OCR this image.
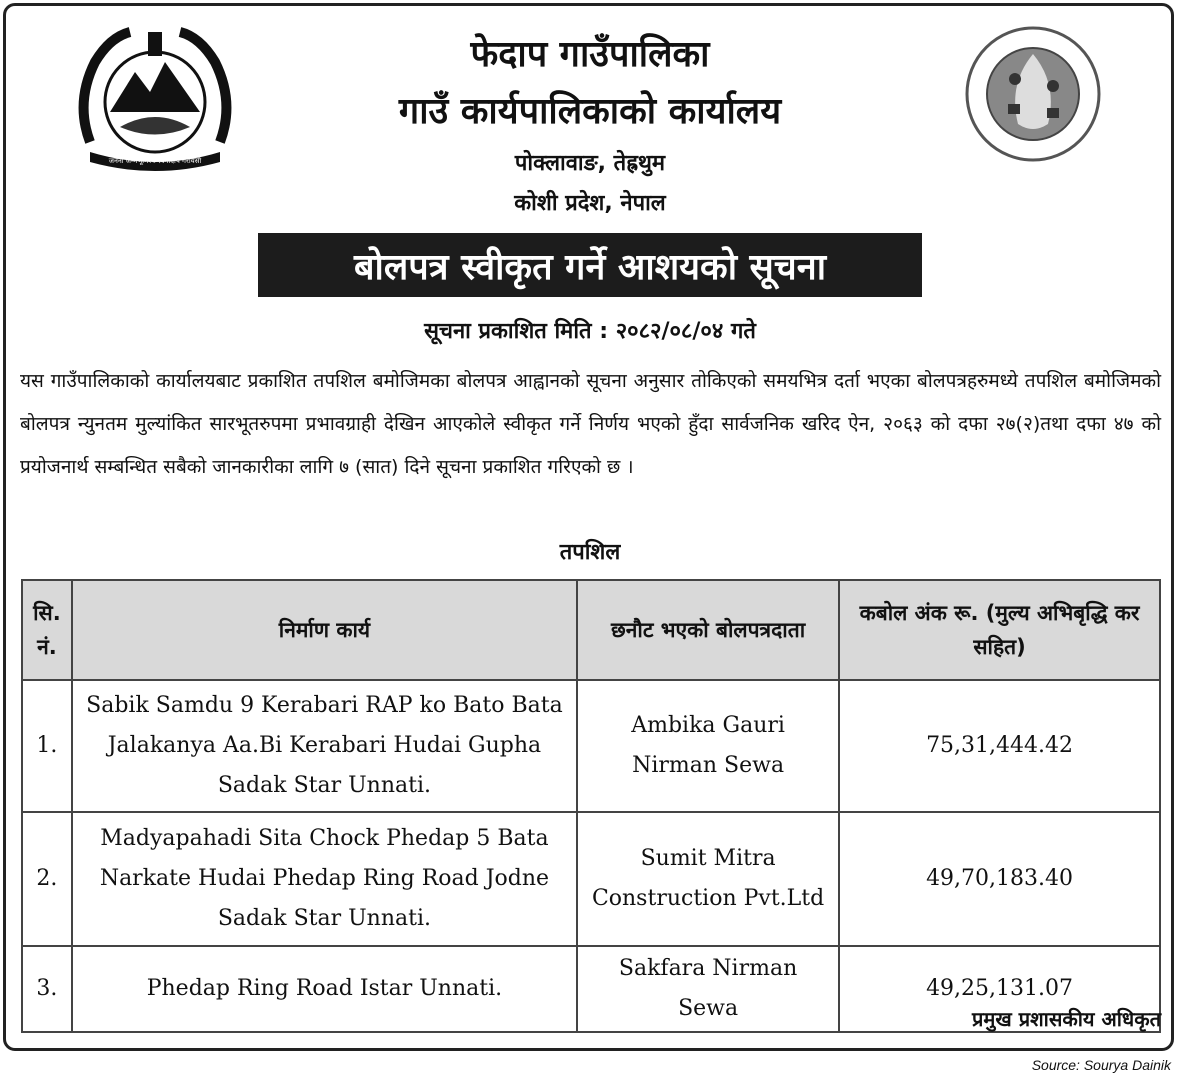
जननी जन्मभूमिश्च स्वर्गादपि गरीयसी
फेदाप गाउँपालिका
गाउँ कार्यपालिकाको कार्यालय
पोक्लावाङ, तेह्रथुम
कोशी प्रदेश, नेपाल
बोलपत्र स्वीकृत गर्ने आशयको सूचना
सूचना प्रकाशित मिति : २०८२/०८/०४ गते
यस गाउँपालिकाको कार्यालयबाट प्रकाशित तपशिल बमोजिमका बोलपत्र आह्वानको सूचना अनुसार तोकिएको समयभित्र दर्ता भएका बोलपत्रहरुमध्ये तपशिल बमोजिमको बोलपत्र न्युनतम मुल्यांकित सारभूतरुपमा प्रभावग्राही देखिन आएकोले स्वीकृत गर्ने निर्णय भएको हुँदा सार्वजनिक खरिद ऐन, २०६३ को दफा २७(२)तथा दफा ४७ को प्रयोजनार्थ सम्बन्धित सबैको जानकारीका लागि ७ (सात) दिने सूचना प्रकाशित गरिएको छ ।
तपशिल
सि. नं.	निर्माण कार्य	छनौट भएको बोलपत्रदाता	कबोल अंक रू. (मुल्य अभिबृद्धि कर सहित)
1.	Sabik Samdu 9 Kerabari RAP ko Bato Bata Jalakanya Aa.Bi Kerabari Hudai Gupha Sadak Star Unnati.	Ambika Gauri Nirman Sewa	75,31,444.42
2.	Madyapahadi Sita Chock Phedap 5 Bata Narkate Hudai Phedap Ring Road Jodne Sadak Star Unnati.	Sumit Mitra Construction Pvt.Ltd	49,70,183.40
3.	Phedap Ring Road Istar Unnati.	Sakfara Nirman Sewa	49,25,131.07
प्रमुख प्रशासकीय अधिकृत
Source: Sourya Dainik
